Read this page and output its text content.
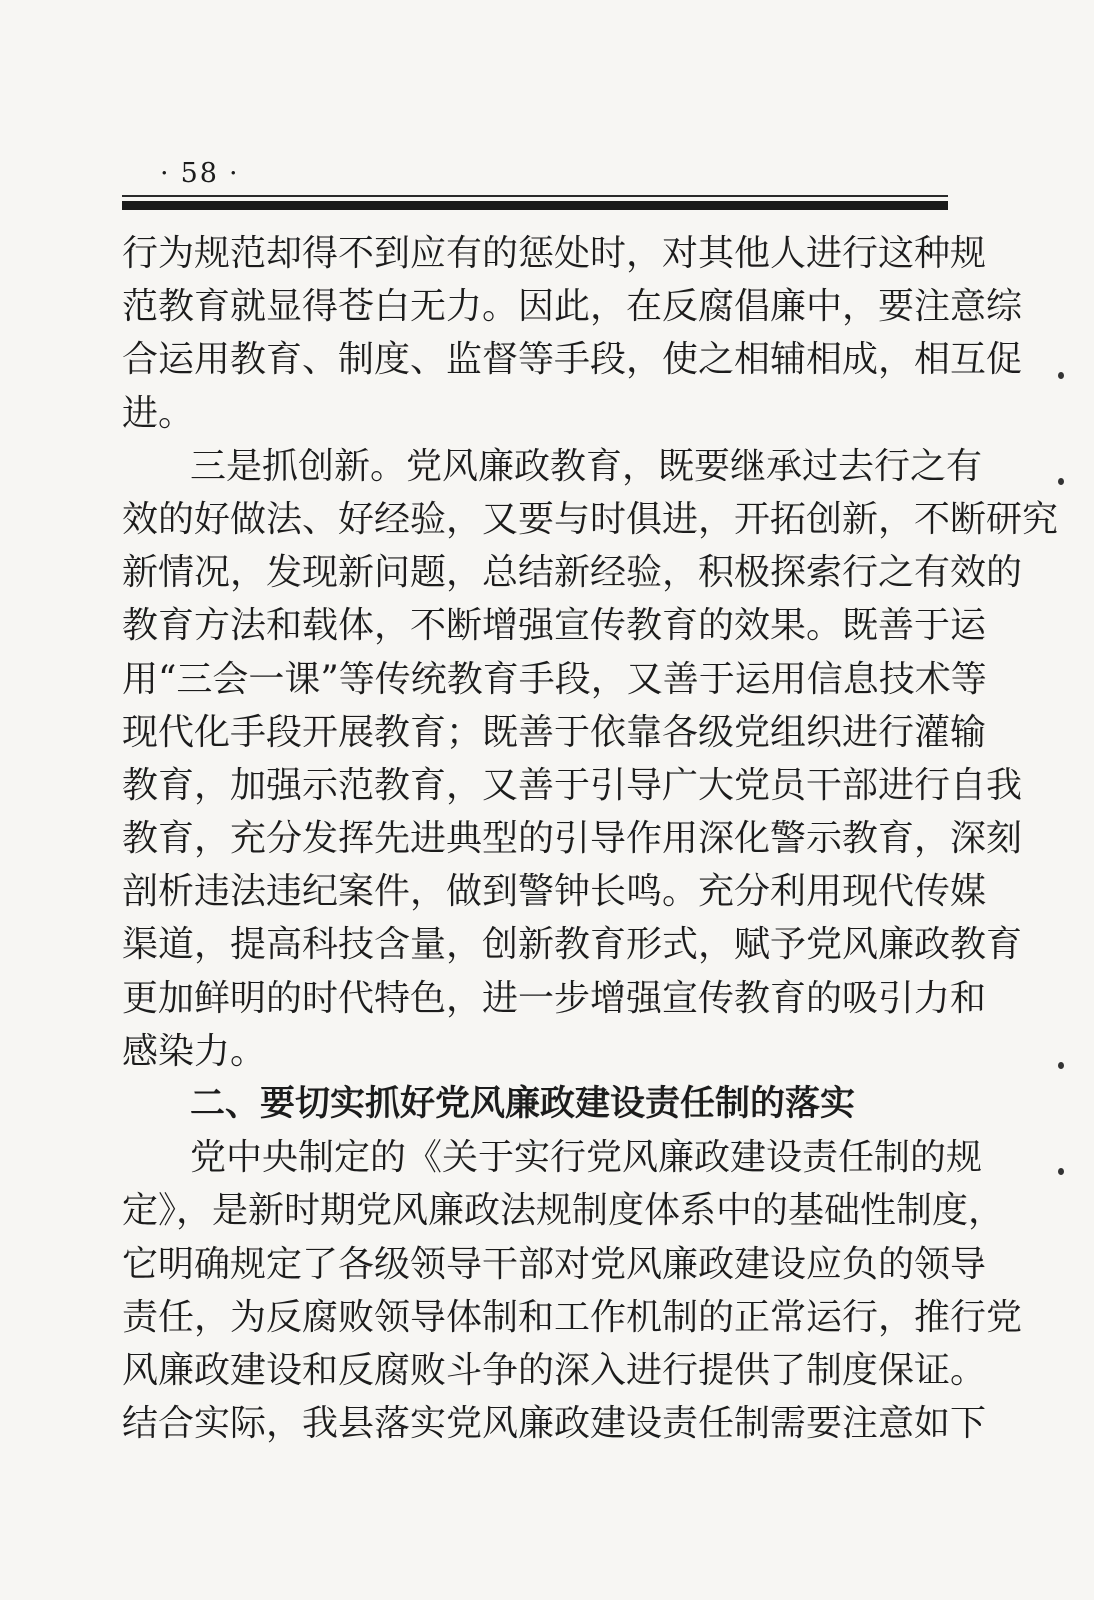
· 58 ·
行为规范却得不到应有的惩处时，对其他人进行这种规
范教育就显得苍白无力。因此，在反腐倡廉中，要注意综
合运用教育、制度、监督等手段，使之相辅相成，相互促
进。
三是抓创新。党风廉政教育，既要继承过去行之有
效的好做法、好经验，又要与时俱进，开拓创新，不断研究
新情况，发现新问题，总结新经验，积极探索行之有效的
教育方法和载体，不断增强宣传教育的效果。既善于运
用“三会一课”等传统教育手段，又善于运用信息技术等
现代化手段开展教育；既善于依靠各级党组织进行灌输
教育，加强示范教育，又善于引导广大党员干部进行自我
教育，充分发挥先进典型的引导作用深化警示教育，深刻
剖析违法违纪案件，做到警钟长鸣。充分利用现代传媒
渠道，提高科技含量，创新教育形式，赋予党风廉政教育
更加鲜明的时代特色，进一步增强宣传教育的吸引力和
感染力。
二、要切实抓好党风廉政建设责任制的落实
党中央制定的《关于实行党风廉政建设责任制的规
定》，是新时期党风廉政法规制度体系中的基础性制度，
它明确规定了各级领导干部对党风廉政建设应负的领导
责任，为反腐败领导体制和工作机制的正常运行，推行党
风廉政建设和反腐败斗争的深入进行提供了制度保证。
结合实际，我县落实党风廉政建设责任制需要注意如下
